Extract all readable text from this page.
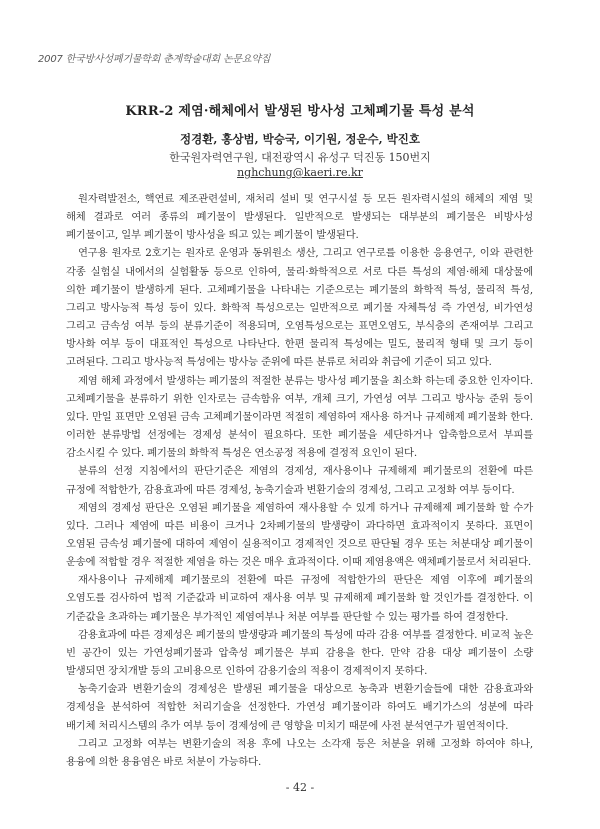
2007 한국방사성폐기물학회 춘계학술대회 논문요약집
KRR-2 제염·해체에서 발생된 방사성 고체폐기물 특성 분석
정경환, 홍상범, 박승국, 이기원, 정운수, 박진호
한국원자력연구원, 대전광역시 유성구 덕진동 150번지
nghchung@kaeri.re.kr

원자력발전소, 핵연료 제조관련설비, 재처리 설비 및 연구시설 등 모든 원자력시설의 해체의 제염 및 해체 결과로 여러 종류의 폐기물이 발생된다. 일반적으로 발생되는 대부분의 폐기물은 비방사성 폐기물이고, 일부 폐기물이 방사성을 띄고 있는 폐기물이 발생된다.

연구용 원자로 2호기는 원자로 운영과 동위원소 생산, 그리고 연구로를 이용한 응용연구, 이와 관련한 각종 실험실 내에서의 실험활동 등으로 인하여, 물리·화학적으로 서로 다른 특성의 제염·해체 대상물에 의한 폐기물이 발생하게 된다. 고체폐기물을 나타내는 기준으로는 폐기물의 화학적 특성, 물리적 특성, 그리고 방사능적 특성 등이 있다. 화학적 특성으로는 일반적으로 폐기물 자체특성 즉 가연성, 비가연성 그리고 금속성 여부 등의 분류기준이 적용되며, 오염특성으로는 표면오염도, 부식층의 존재여부 그리고 방사화 여부 등이 대표적인 특성으로 나타난다. 한편 물리적 특성에는 밀도, 물리적 형태 및 크기 등이 고려된다. 그리고 방사능적 특성에는 방사능 준위에 따른 분류로 처리와 취급에 기준이 되고 있다.

제염 해체 과정에서 발생하는 폐기물의 적절한 분류는 방사성 폐기물을 최소화 하는데 중요한 인자이다. 고체폐기물을 분류하기 위한 인자로는 금속함유 여부, 개체 크기, 가연성 여부 그리고 방사능 준위 등이 있다. 만일 표면만 오염된 금속 고체폐기물이라면 적절히 제염하여 재사용 하거나 규제해제 폐기물화 한다. 이러한 분류방법 선정에는 경제성 분석이 필요하다. 또한 폐기물을 세단하거나 압축함으로서 부피를 감소시킬 수 있다. 폐기물의 화학적 특성은 연소공정 적용에 결정적 요인이 된다.

분류의 선정 지침에서의 판단기준은 제염의 경제성, 재사용이나 규제해제 폐기물로의 전환에 따른 규정에 적합한가, 감용효과에 따른 경제성, 농축기술과 변환기술의 경제성, 그리고 고정화 여부 등이다.

제염의 경제성 판단은 오염된 폐기물을 제염하여 재사용할 수 있게 하거나 규제해제 폐기물화 할 수가 있다. 그러나 제염에 따른 비용이 크거나 2차폐기물의 발생량이 과다하면 효과적이지 못하다. 표면이 오염된 금속성 폐기물에 대하여 제염이 실용적이고 경제적인 것으로 판단될 경우 또는 처분대상 폐기물이 운송에 적합할 경우 적절한 제염을 하는 것은 매우 효과적이다. 이때 제염용액은 액체폐기물로서 처리된다.

재사용이나 규제해제 폐기물로의 전환에 따른 규정에 적합한가의 판단은 제염 이후에 폐기물의 오염도를 검사하여 법적 기준값과 비교하여 재사용 여부 및 규제해제 폐기물화 할 것인가를 결정한다. 이 기준값을 초과하는 폐기물은 부가적인 제염여부나 처분 여부를 판단할 수 있는 평가를 하여 결정한다.

감용효과에 따른 경제성은 폐기물의 발생량과 폐기물의 특성에 따라 감용 여부를 결정한다. 비교적 높은 빈 공간이 있는 가연성폐기물과 압축성 폐기물은 부피 감용을 한다. 만약 감용 대상 폐기물이 소량 발생되면 장치개발 등의 고비용으로 인하여 감용기술의 적용이 경제적이지 못하다.

농축기술과 변환기술의 경제성은 발생된 폐기물을 대상으로 농축과 변환기술들에 대한 감용효과와 경제성을 분석하여 적합한 처리기술을 선정한다. 가연성 폐기물이라 하여도 배기가스의 성분에 따라 배기체 처리시스템의 추가 여부 등이 경제성에 큰 영향을 미치기 때문에 사전 분석연구가 필연적이다.

그리고 고정화 여부는 변환기술의 적용 후에 나오는 소각재 등은 처분을 위해 고정화 하여야 하나, 용융에 의한 용융염은 바로 처분이 가능하다.

- 42 -
